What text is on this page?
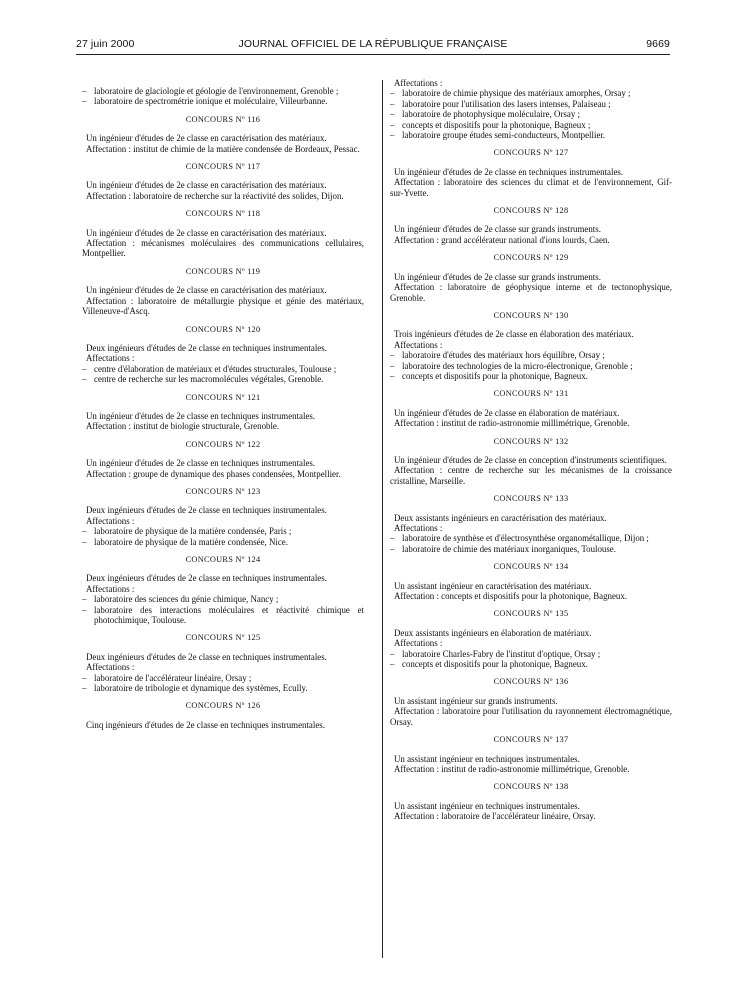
27 juin 2000	JOURNAL OFFICIEL DE LA RÉPUBLIQUE FRANÇAISE	9669
– laboratoire de glaciologie et géologie de l'environnement, Grenoble ;
– laboratoire de spectrométrie ionique et moléculaire, Villeurbanne.
CONCOURS Nº 116
Un ingénieur d'études de 2e classe en caractérisation des matériaux.
Affectation : institut de chimie de la matière condensée de Bordeaux, Pessac.
CONCOURS Nº 117
Un ingénieur d'études de 2e classe en caractérisation des matériaux.
Affectation : laboratoire de recherche sur la réactivité des solides, Dijon.
CONCOURS Nº 118
Un ingénieur d'études de 2e classe en caractérisation des matériaux.
Affectation : mécanismes moléculaires des communications cellulaires, Montpellier.
CONCOURS Nº 119
Un ingénieur d'études de 2e classe en caractérisation des matériaux.
Affectation : laboratoire de métallurgie physique et génie des matériaux, Villeneuve-d'Ascq.
CONCOURS Nº 120
Deux ingénieurs d'études de 2e classe en techniques instrumentales.
Affectations :
– centre d'élaboration de matériaux et d'études structurales, Toulouse ;
– centre de recherche sur les macromolécules végétales, Grenoble.
CONCOURS Nº 121
Un ingénieur d'études de 2e classe en techniques instrumentales.
Affectation : institut de biologie structurale, Grenoble.
CONCOURS Nº 122
Un ingénieur d'études de 2e classe en techniques instrumentales.
Affectation : groupe de dynamique des phases condensées, Montpellier.
CONCOURS Nº 123
Deux ingénieurs d'études de 2e classe en techniques instrumentales.
Affectations :
– laboratoire de physique de la matière condensée, Paris ;
– laboratoire de physique de la matière condensée, Nice.
CONCOURS Nº 124
Deux ingénieurs d'études de 2e classe en techniques instrumentales.
Affectations :
– laboratoire des sciences du génie chimique, Nancy ;
– laboratoire des interactions moléculaires et réactivité chimique et photochimique, Toulouse.
CONCOURS Nº 125
Deux ingénieurs d'études de 2e classe en techniques instrumentales.
Affectations :
– laboratoire de l'accélérateur linéaire, Orsay ;
– laboratoire de tribologie et dynamique des systèmes, Ecully.
CONCOURS Nº 126
Cinq ingénieurs d'études de 2e classe en techniques instrumentales.
Affectations :
– laboratoire de chimie physique des matériaux amorphes, Orsay ;
– laboratoire pour l'utilisation des lasers intenses, Palaiseau ;
– laboratoire de photophysique moléculaire, Orsay ;
– concepts et dispositifs pour la photonique, Bagneux ;
– laboratoire groupe études semi-conducteurs, Montpellier.
CONCOURS Nº 127
Un ingénieur d'études de 2e classe en techniques instrumentales.
Affectation : laboratoire des sciences du climat et de l'environnement, Gif-sur-Yvette.
CONCOURS Nº 128
Un ingénieur d'études de 2e classe sur grands instruments.
Affectation : grand accélérateur national d'ions lourds, Caen.
CONCOURS Nº 129
Un ingénieur d'études de 2e classe sur grands instruments.
Affectation : laboratoire de géophysique interne et de tectonophysique, Grenoble.
CONCOURS Nº 130
Trois ingénieurs d'études de 2e classe en élaboration des matériaux.
Affectations :
– laboratoire d'études des matériaux hors équilibre, Orsay ;
– laboratoire des technologies de la micro-électronique, Grenoble ;
– concepts et dispositifs pour la photonique, Bagneux.
CONCOURS Nº 131
Un ingénieur d'études de 2e classe en élaboration de matériaux.
Affectation : institut de radio-astronomie millimétrique, Grenoble.
CONCOURS Nº 132
Un ingénieur d'études de 2e classe en conception d'instruments scientifiques.
Affectation : centre de recherche sur les mécanismes de la croissance cristalline, Marseille.
CONCOURS Nº 133
Deux assistants ingénieurs en caractérisation des matériaux.
Affectations :
– laboratoire de synthèse et d'électrosynthèse organométallique, Dijon ;
– laboratoire de chimie des matériaux inorganiques, Toulouse.
CONCOURS Nº 134
Un assistant ingénieur en caractérisation des matériaux.
Affectation : concepts et dispositifs pour la photonique, Bagneux.
CONCOURS Nº 135
Deux assistants ingénieurs en élaboration de matériaux.
Affectations :
– laboratoire Charles-Fabry de l'institut d'optique, Orsay ;
– concepts et dispositifs pour la photonique, Bagneux.
CONCOURS Nº 136
Un assistant ingénieur sur grands instruments.
Affectation : laboratoire pour l'utilisation du rayonnement électromagnétique, Orsay.
CONCOURS Nº 137
Un assistant ingénieur en techniques instrumentales.
Affectation : institut de radio-astronomie millimétrique, Grenoble.
CONCOURS Nº 138
Un assistant ingénieur en techniques instrumentales.
Affectation : laboratoire de l'accélérateur linéaire, Orsay.
